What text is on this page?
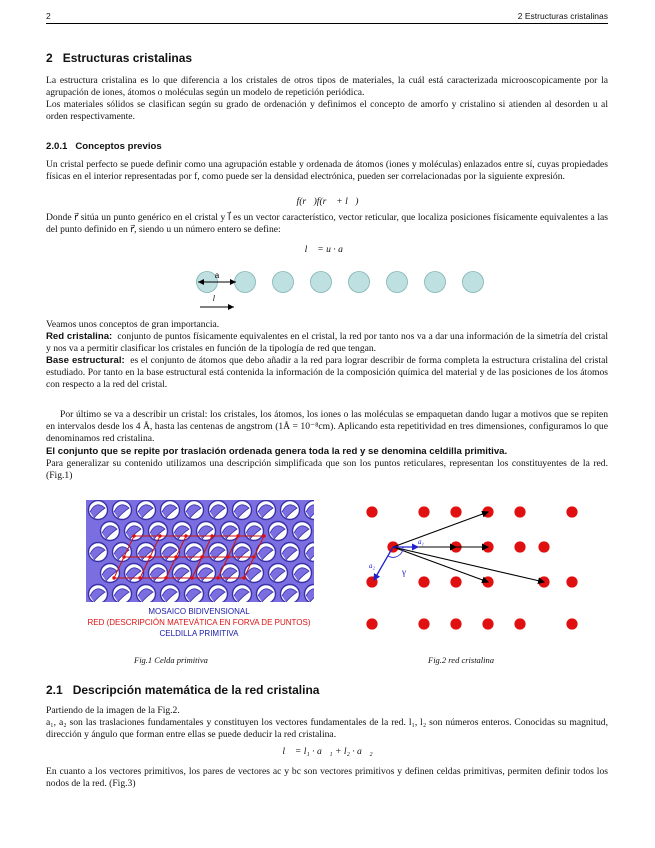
2	2 Estructuras cristalinas
2 Estructuras cristalinas
La estructura cristalina es lo que diferencia a los cristales de otros tipos de materiales, la cuál está caracterizada microoscopicamente por la agrupación de iones, átomos o moléculas según un modelo de repetición periódica.
Los materiales sólidos se clasifican según su grado de ordenación y definimos el concepto de amorfo y cristalino si atienden al desorden u al orden respectivamente.
2.0.1 Conceptos previos
Un cristal perfecto se puede definir como una agrupación estable y ordenada de átomos (iones y moléculas) enlazados entre sí, cuyas propiedades físicas en el interior representadas por f, como puede ser la densidad electrónica, pueden ser correlacionadas por la siguiente expresión.
f(r⃗)f(r⃗ + l⃗)
Donde r⃗ sitúa un punto genérico en el cristal y l⃗ es un vector característico, vector reticular, que localiza posiciones físicamente equivalentes a las del punto definido en r⃗, siendo u un número entero se define:
l⃗ = u · a⃗
a
l⃗
Veamos unos conceptos de gran importancia.
Red cristalina: conjunto de puntos físicamente equivalentes en el cristal, la red por tanto nos va a dar una información de la simetría del cristal y nos va a permitir clasificar los cristales en función de la tipología de red que tengan.
Base estructural: es el conjunto de átomos que debo añadir a la red para lograr describir de forma completa la estructura cristalina del cristal estudiado. Por tanto en la base estructural está contenida la información de la composición química del material y de las posiciones de los átomos con respecto a la red del cristal.
Por último se va a describir un cristal: los cristales, los átomos, los iones o las moléculas se empaquetan dando lugar a motivos que se repiten en intervalos desde los 4 Å, hasta las centenas de angstrom (1Å = 10⁻⁸cm). Aplicando esta repetitividad en tres dimensiones, configuramos lo que denominamos red cristalina.
El conjunto que se repite por traslación ordenada genera toda la red y se denomina celdilla primitiva.
Para generalizar su contenido utilizamos una descripción simplificada que son los puntos reticulares, representan los constituyentes de la red. (Fig.1)
MOSAICO BIDIVENSIONAL
RED (DESCRIPCIÓN MATEVÁTICA EN FORVA DE PUNTOS)
CELDILLA PRIMITIVA
Fig.1 Celda primitiva
a₁
a₂
γ
Fig.2 red cristalina
2.1 Descripción matemática de la red cristalina
Partiendo de la imagen de la Fig.2.
a₁, a₂ son las traslaciones fundamentales y constituyen los vectores fundamentales de la red. l₁, l₂ son números enteros. Conocidas su magnitud, dirección y ángulo que forman entre ellas se puede deducir la red cristalina.
l⃗ = l₁ · a⃗₁ + l₂ · a⃗₂
En cuanto a los vectores primitivos, los pares de vectores ac y bc son vectores primitivos y definen celdas primitivas, permiten definir todos los nodos de la red. (Fig.3)
